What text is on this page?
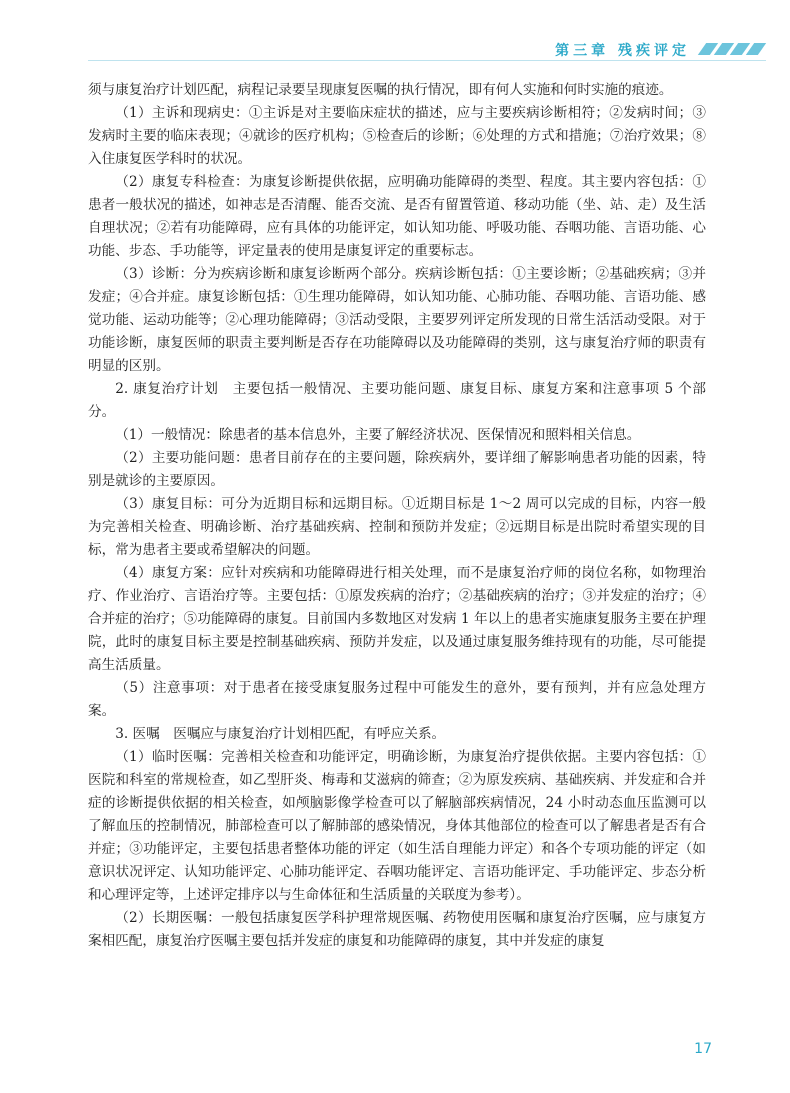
第三章 残疾评定

须与康复治疗计划匹配，病程记录要呈现康复医嘱的执行情况，即有何人实施和何时实施的痕迹。

（1）主诉和现病史：①主诉是对主要临床症状的描述，应与主要疾病诊断相符；②发病时间；③发病时主要的临床表现；④就诊的医疗机构；⑤检查后的诊断；⑥处理的方式和措施；⑦治疗效果；⑧入住康复医学科时的状况。

（2）康复专科检查：为康复诊断提供依据，应明确功能障碍的类型、程度。其主要内容包括：①患者一般状况的描述，如神志是否清醒、能否交流、是否有留置管道、移动功能（坐、站、走）及生活自理状况；②若有功能障碍，应有具体的功能评定，如认知功能、呼吸功能、吞咽功能、言语功能、心功能、步态、手功能等，评定量表的使用是康复评定的重要标志。

（3）诊断：分为疾病诊断和康复诊断两个部分。疾病诊断包括：①主要诊断；②基础疾病；③并发症；④合并症。康复诊断包括：①生理功能障碍，如认知功能、心肺功能、吞咽功能、言语功能、感觉功能、运动功能等；②心理功能障碍；③活动受限，主要罗列评定所发现的日常生活活动受限。对于功能诊断，康复医师的职责主要判断是否存在功能障碍以及功能障碍的类别，这与康复治疗师的职责有明显的区别。

2. 康复治疗计划　主要包括一般情况、主要功能问题、康复目标、康复方案和注意事项 5 个部分。

（1）一般情况：除患者的基本信息外，主要了解经济状况、医保情况和照料相关信息。

（2）主要功能问题：患者目前存在的主要问题，除疾病外，要详细了解影响患者功能的因素，特别是就诊的主要原因。

（3）康复目标：可分为近期目标和远期目标。①近期目标是 1～2 周可以完成的目标，内容一般为完善相关检查、明确诊断、治疗基础疾病、控制和预防并发症；②远期目标是出院时希望实现的目标，常为患者主要或希望解决的问题。

（4）康复方案：应针对疾病和功能障碍进行相关处理，而不是康复治疗师的岗位名称，如物理治疗、作业治疗、言语治疗等。主要包括：①原发疾病的治疗；②基础疾病的治疗；③并发症的治疗；④合并症的治疗；⑤功能障碍的康复。目前国内多数地区对发病 1 年以上的患者实施康复服务主要在护理院，此时的康复目标主要是控制基础疾病、预防并发症，以及通过康复服务维持现有的功能，尽可能提高生活质量。

（5）注意事项：对于患者在接受康复服务过程中可能发生的意外，要有预判，并有应急处理方案。

3. 医嘱　医嘱应与康复治疗计划相匹配，有呼应关系。

（1）临时医嘱：完善相关检查和功能评定，明确诊断，为康复治疗提供依据。主要内容包括：①医院和科室的常规检查，如乙型肝炎、梅毒和艾滋病的筛查；②为原发疾病、基础疾病、并发症和合并症的诊断提供依据的相关检查，如颅脑影像学检查可以了解脑部疾病情况，24 小时动态血压监测可以了解血压的控制情况，肺部检查可以了解肺部的感染情况，身体其他部位的检查可以了解患者是否有合并症；③功能评定，主要包括患者整体功能的评定（如生活自理能力评定）和各个专项功能的评定（如意识状况评定、认知功能评定、心肺功能评定、吞咽功能评定、言语功能评定、手功能评定、步态分析和心理评定等，上述评定排序以与生命体征和生活质量的关联度为参考）。

（2）长期医嘱：一般包括康复医学科护理常规医嘱、药物使用医嘱和康复治疗医嘱，应与康复方案相匹配，康复治疗医嘱主要包括并发症的康复和功能障碍的康复，其中并发症的康复

17
